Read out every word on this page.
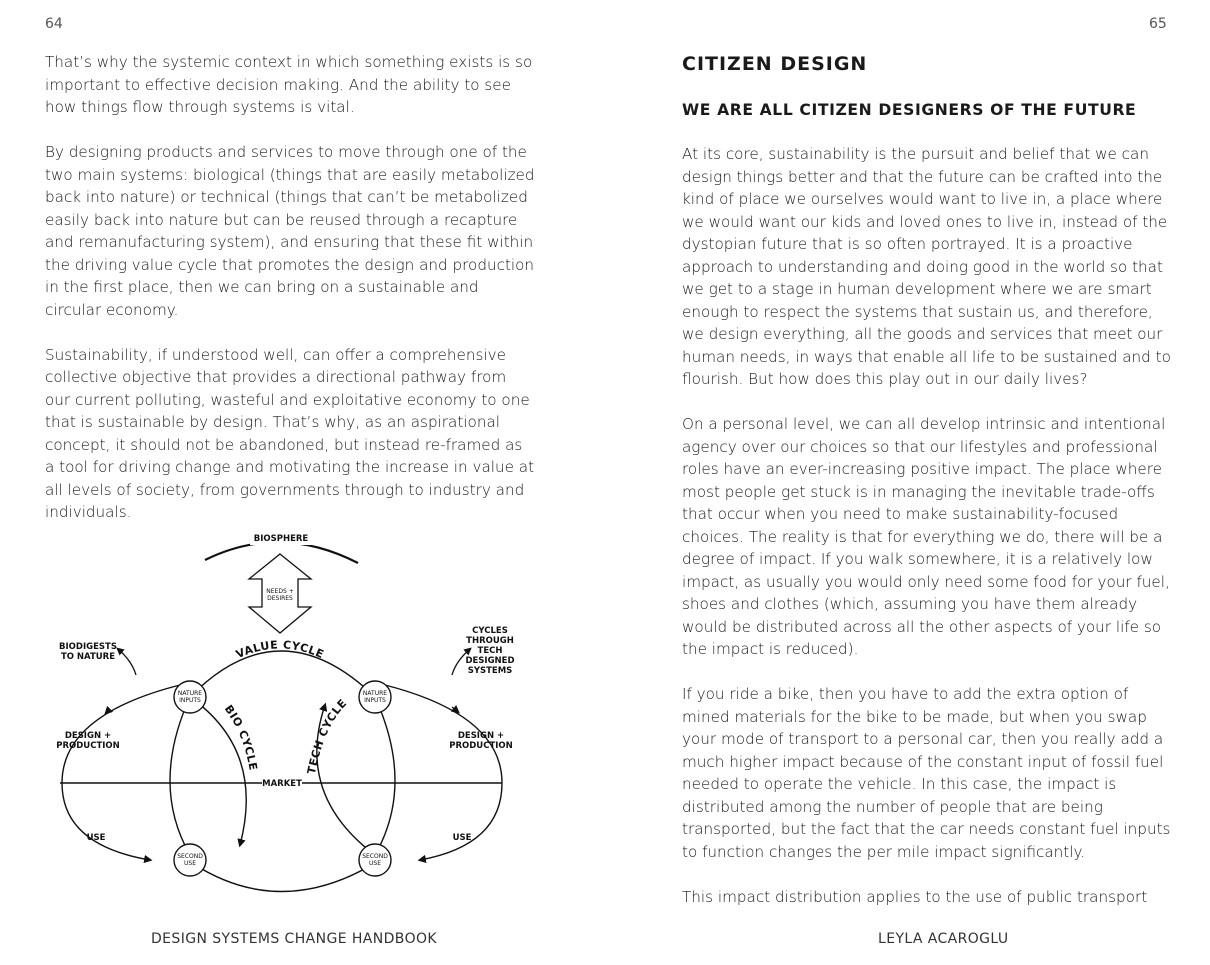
64

That’s why the systemic context in which something exists is so important to effective decision making. And the ability to see how things flow through systems is vital.

By designing products and services to move through one of the two main systems: biological (things that are easily metabolized back into nature) or technical (things that can’t be metabolized easily back into nature but can be reused through a recapture and remanufacturing system), and ensuring that these fit within the driving value cycle that promotes the design and production in the first place, then we can bring on a sustainable and circular economy.

Sustainability, if understood well, can offer a comprehensive collective objective that provides a directional pathway from our current polluting, wasteful and exploitative economy to one that is sustainable by design. That’s why, as an aspirational concept, it should not be abandoned, but instead re-framed as a tool for driving change and motivating the increase in value at all levels of society, from governments through to industry and individuals.

BIOSPHERE
NEEDS +
DESIRES
MARKET
VALUE CYCLE
BIO CYCLE	TECH CYCLE
BIODIGESTS
TO NATURE
CYCLES
THROUGH
TECH
DESIGNED
SYSTEMS
DESIGN +
PRODUCTION
DESIGN +
PRODUCTION
USE	USE
NATURE
INPUTS
NATURE
INPUTS
SECOND
USE
SECOND
USE
DESIGN SYSTEMS CHANGE HANDBOOK
65
CITIZEN DESIGN
WE ARE ALL CITIZEN DESIGNERS OF THE FUTURE

At its core, sustainability is the pursuit and belief that we can design things better and that the future can be crafted into the kind of place we ourselves would want to live in, a place where we would want our kids and loved ones to live in, instead of the dystopian future that is so often portrayed. It is a proactive approach to understanding and doing good in the world so that we get to a stage in human development where we are smart enough to respect the systems that sustain us, and therefore, we design everything, all the goods and services that meet our human needs, in ways that enable all life to be sustained and to flourish. But how does this play out in our daily lives?

On a personal level, we can all develop intrinsic and intentional agency over our choices so that our lifestyles and professional roles have an ever-increasing positive impact. The place where most people get stuck is in managing the inevitable trade-offs that occur when you need to make sustainability-focused choices. The reality is that for everything we do, there will be a degree of impact. If you walk somewhere, it is a relatively low impact, as usually you would only need some food for your fuel, shoes and clothes (which, assuming you have them already would be distributed across all the other aspects of your life so the impact is reduced).

If you ride a bike, then you have to add the extra option of mined materials for the bike to be made, but when you swap your mode of transport to a personal car, then you really add a much higher impact because of the constant input of fossil fuel needed to operate the vehicle. In this case, the impact is distributed among the number of people that are being transported, but the fact that the car needs constant fuel inputs to function changes the per mile impact significantly.

This impact distribution applies to the use of public transport

LEYLA ACAROGLU
